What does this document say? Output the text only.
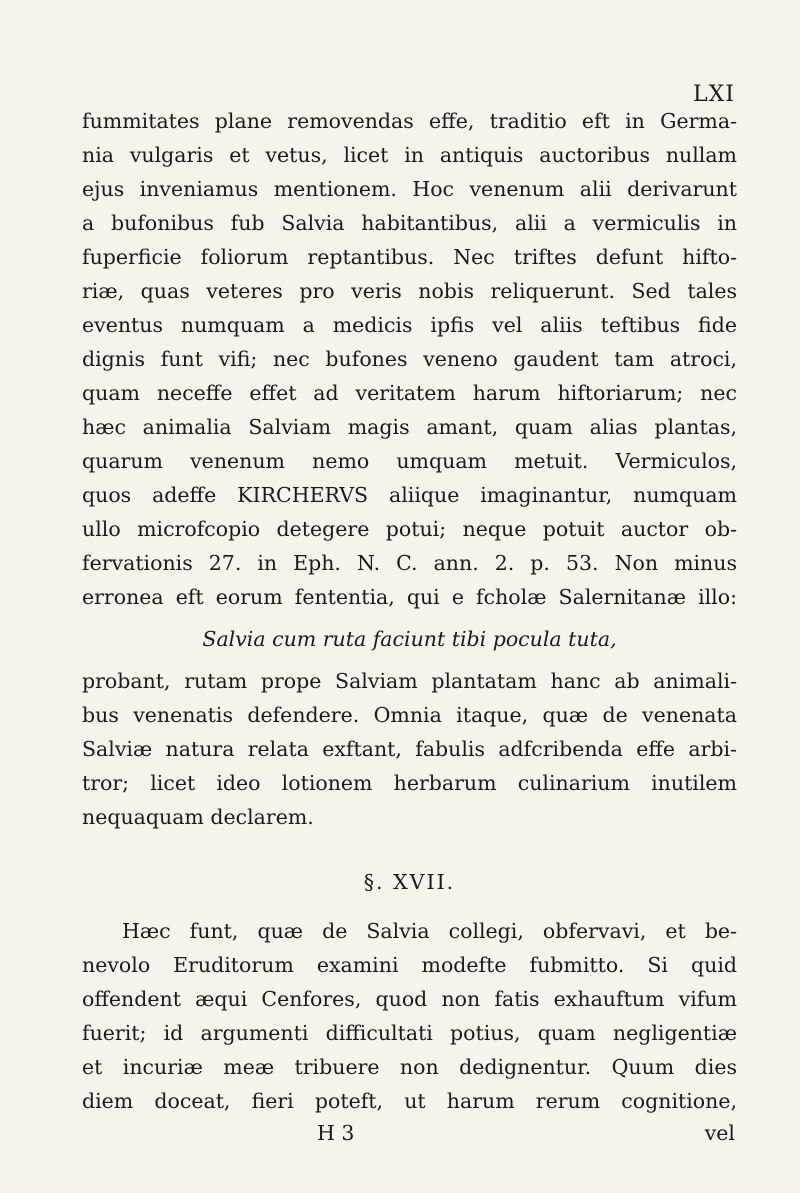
LXI
fummitates plane removendas effe, traditio eft in Germa-
nia vulgaris et vetus, licet in antiquis auctoribus nullam
ejus inveniamus mentionem. Hoc venenum alii derivarunt
a bufonibus fub Salvia habitantibus, alii a vermiculis in
fuperficie foliorum reptantibus. Nec triftes defunt hifto-
riæ, quas veteres pro veris nobis reliquerunt. Sed tales
eventus numquam a medicis ipfis vel aliis teftibus fide
dignis funt vifi; nec bufones veneno gaudent tam atroci,
quam neceffe effet ad veritatem harum hiftoriarum; nec
hæc animalia Salviam magis amant, quam alias plantas,
quarum venenum nemo umquam metuit. Vermiculos,
quos adeffe KIRCHERVS aliique imaginantur, numquam
ullo microfcopio detegere potui; neque potuit auctor ob-
fervationis 27. in Eph. N. C. ann. 2. p. 53. Non minus
erronea eft eorum fententia, qui e fcholæ Salernitanæ illo:
Salvia cum ruta faciunt tibi pocula tuta,
probant, rutam prope Salviam plantatam hanc ab animali-
bus venenatis defendere. Omnia itaque, quæ de venenata
Salviæ natura relata exftant, fabulis adfcribenda effe arbi-
tror; licet ideo lotionem herbarum culinarium inutilem
nequaquam declarem.
§. XVII.
Hæc funt, quæ de Salvia collegi, obfervavi, et be-
nevolo Eruditorum examini modefte fubmitto. Si quid
offendent æqui Cenfores, quod non fatis exhauftum vifum
fuerit; id argumenti difficultati potius, quam negligentiæ
et incuriæ meæ tribuere non dedignentur. Quum dies
diem doceat, fieri poteft, ut harum rerum cognitione,
H 3	vel
